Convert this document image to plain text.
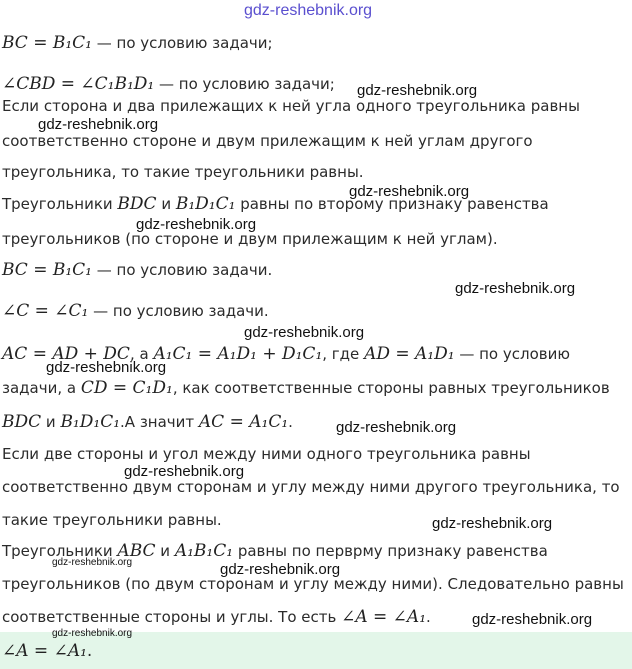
gdz-reshebnik.org
BC = B₁C₁ — по условию задачи;
∠CBD = ∠C₁B₁D₁ — по условию задачи; gdz-reshebnik.org
Если сторона и два прилежащих к ней угла одного треугольника равны
gdz-reshebnik.org
соответственно стороне и двум прилежащим к ней углам другого
треугольника, то такие треугольники равны.
gdz-reshebnik.org
Треугольники BDC и B₁D₁C₁ равны по второму признаку равенства
gdz-reshebnik.org
треугольников (по стороне и двум прилежащим к ней углам).
BC = B₁C₁ — по условию задачи.
gdz-reshebnik.org
∠C = ∠C₁ — по условию задачи.
gdz-reshebnik.org
AC = AD + DC, а A₁C₁ = A₁D₁ + D₁C₁, где AD = A₁D₁ — по условию
gdz-reshebnik.org
задачи, а CD = C₁D₁, как соответственные стороны равных треугольников
BDC и B₁D₁C₁.А значит AC = A₁C₁.	gdz-reshebnik.org
Если две стороны и угол между ними одного треугольника равны
gdz-reshebnik.org
соответственно двум сторонам и углу между ними другого треугольника, то
такие треугольники равны.	gdz-reshebnik.org
Треугольники ABC и A₁B₁C₁ равны по перврму признаку равенства
gdz-reshebnik.org	gdz-reshebnik.org
треугольников (по двум сторонам и углу между ними). Следовательно равны
соответственные стороны и углы. То есть ∠A = ∠A₁.	gdz-reshebnik.org
gdz-reshebnik.org
∠A = ∠A₁.
